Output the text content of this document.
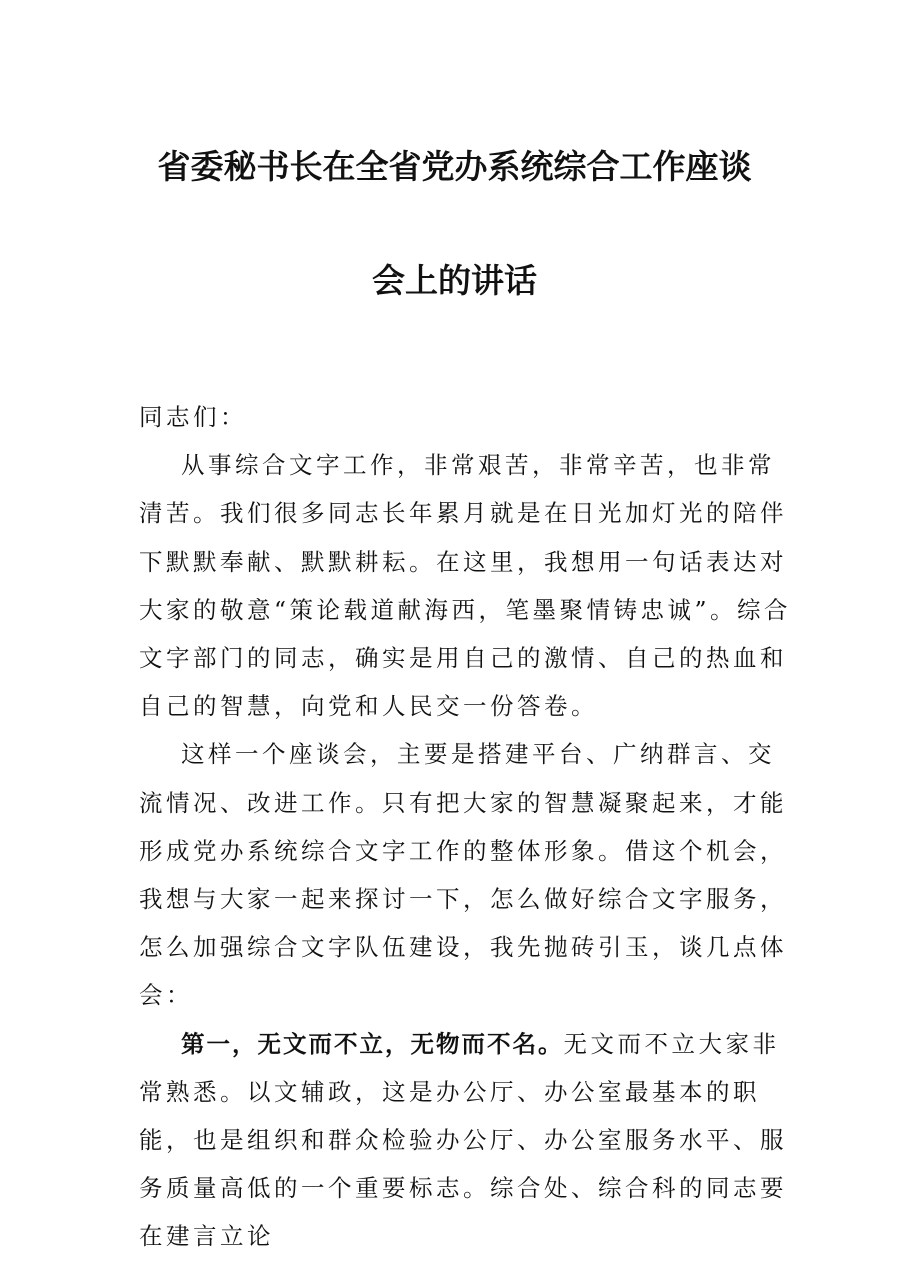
省委秘书长在全省党办系统综合工作座谈
会上的讲话

同志们：

从事综合文字工作，非常艰苦，非常辛苦，也非常清苦。我们很多同志长年累月就是在日光加灯光的陪伴下默默奉献、默默耕耘。在这里，我想用一句话表达对大家的敬意“策论载道献海西，笔墨聚情铸忠诚”。综合文字部门的同志，确实是用自己的激情、自己的热血和自己的智慧，向党和人民交一份答卷。

这样一个座谈会，主要是搭建平台、广纳群言、交流情况、改进工作。只有把大家的智慧凝聚起来，才能形成党办系统综合文字工作的整体形象。借这个机会，我想与大家一起来探讨一下，怎么做好综合文字服务，怎么加强综合文字队伍建设，我先抛砖引玉，谈几点体会：

第一，无文而不立，无物而不名。无文而不立大家非常熟悉。以文辅政，这是办公厅、办公室最基本的职能，也是组织和群众检验办公厅、办公室服务水平、服务质量高低的一个重要标志。综合处、综合科的同志要在建言立论
